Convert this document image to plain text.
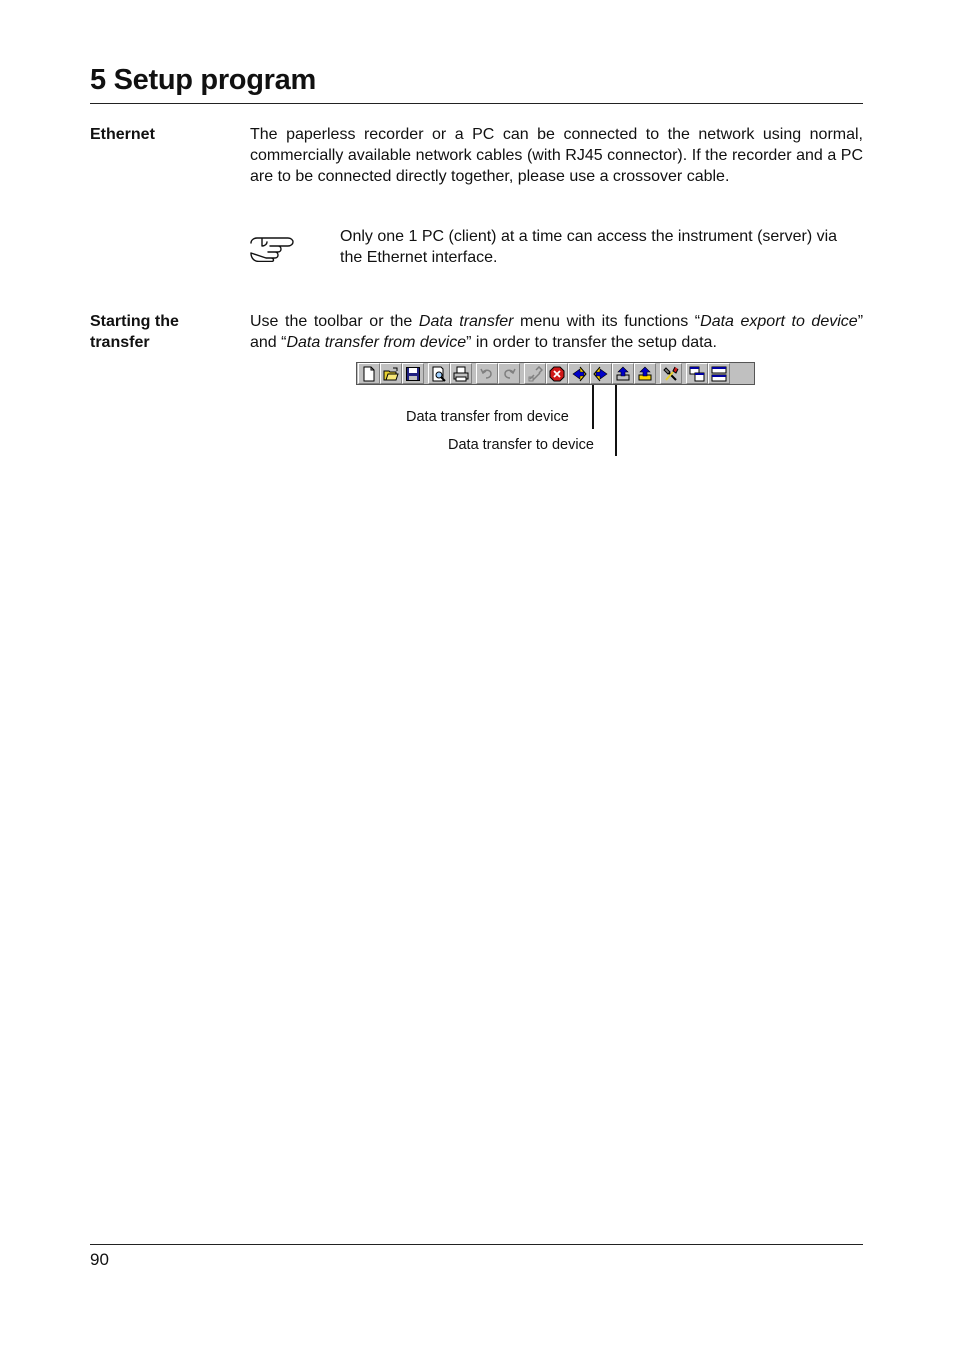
5 Setup program
Ethernet	The paperless recorder or a PC can be connected to the network using normal, commercially available network cables (with RJ45 connector). If the recorder and a PC are to be connected directly together, please use a crossover cable.
Only one 1 PC (client) at a time can access the instrument (server) via the Ethernet interface.
Starting the transfer
Use the toolbar or the Data transfer menu with its functions “Data export to device” and “Data transfer from device” in order to transfer the setup data.
Data transfer from device
Data transfer to device
90
